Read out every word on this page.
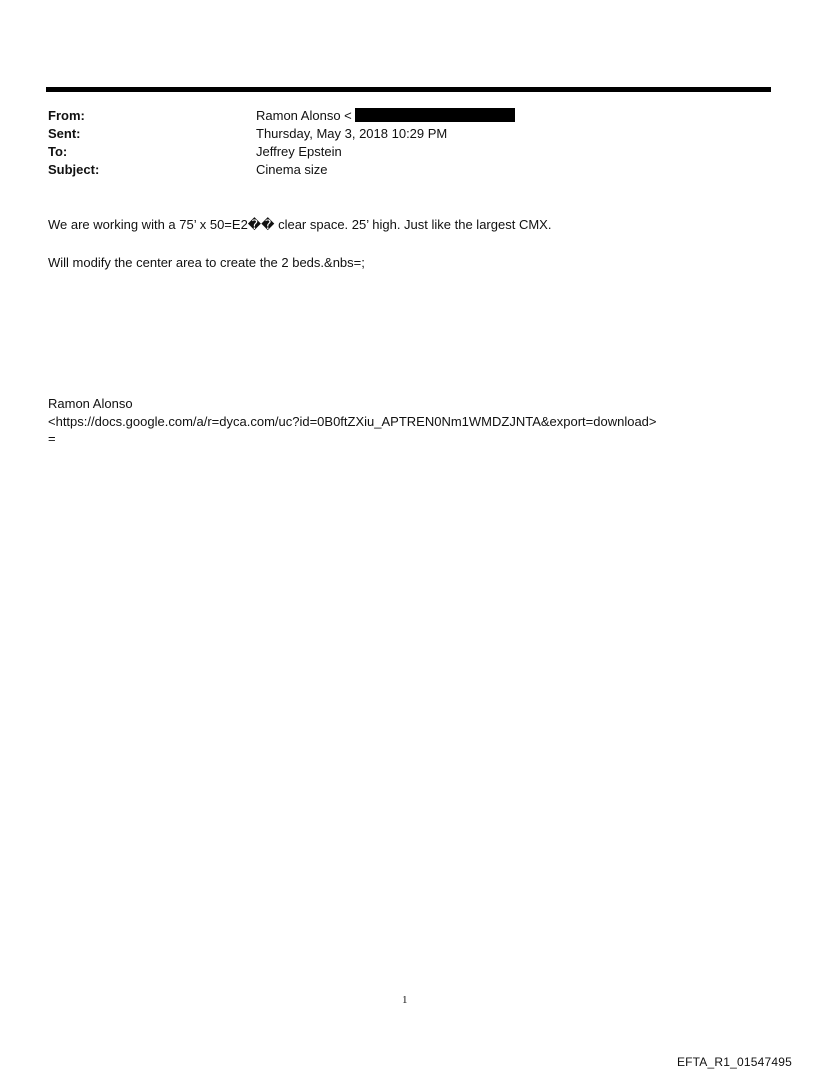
From:	Ramon Alonso <
Sent:	Thursday, May 3, 2018 10:29 PM
To:	Jeffrey Epstein
Subject:	Cinema size
We are working with a 75’ x 50=E2�� clear space. 25’ high. Just like the largest CMX.
Will modify the center area to create the 2 beds.&nbs=;
Ramon Alonso
<https://docs.google.com/a/r=dyca.com/uc?id=0B0ftZXiu_APTREN0Nm1WMDZJNTA&export=download>
=
1
EFTA_R1_01547495
